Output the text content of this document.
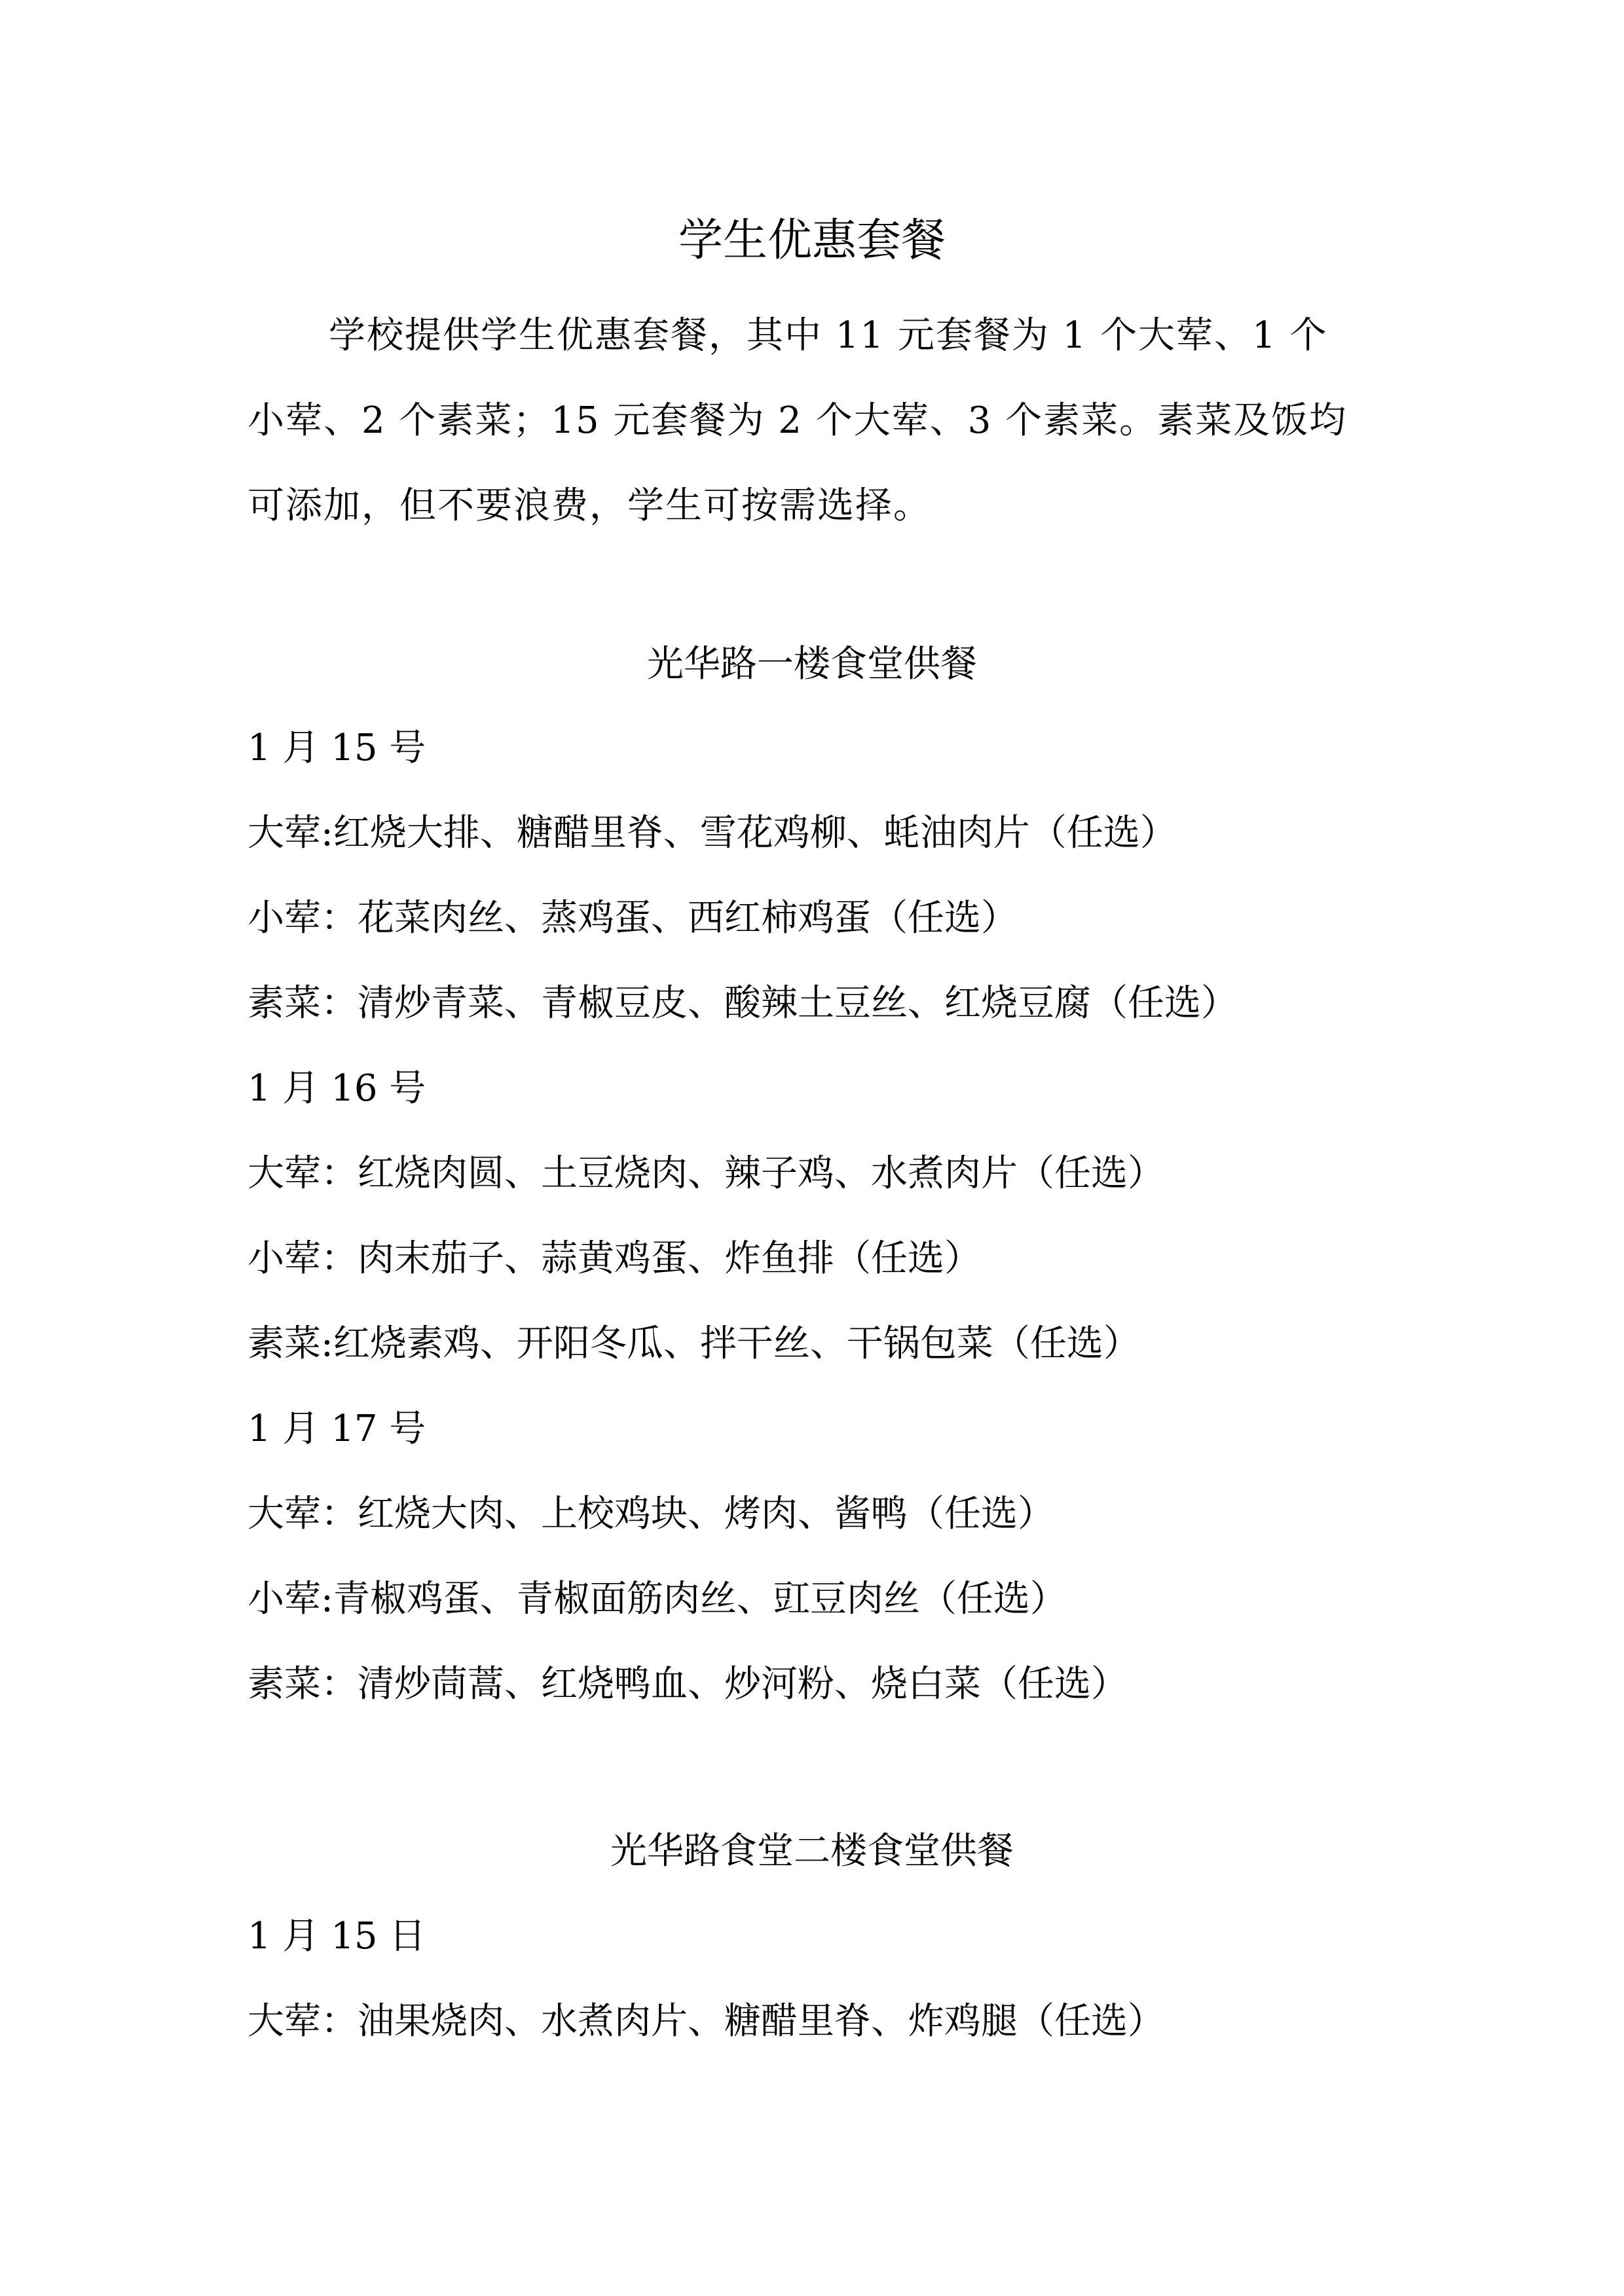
学生优惠套餐
学校提供学生优惠套餐，其中 11 元套餐为 1 个大荤、1 个
小荤、2 个素菜；15 元套餐为 2 个大荤、3 个素菜。素菜及饭均
可添加，但不要浪费，学生可按需选择。
光华路一楼食堂供餐
1 月 15 号
大荤:红烧大排、糖醋里脊、雪花鸡柳、蚝油肉片（任选）
小荤：花菜肉丝、蒸鸡蛋、西红柿鸡蛋（任选）
素菜：清炒青菜、青椒豆皮、酸辣土豆丝、红烧豆腐（任选）
1 月 16 号
大荤：红烧肉圆、土豆烧肉、辣子鸡、水煮肉片（任选）
小荤：肉末茄子、蒜黄鸡蛋、炸鱼排（任选）
素菜:红烧素鸡、开阳冬瓜、拌干丝、干锅包菜（任选）
1 月 17 号
大荤：红烧大肉、上校鸡块、烤肉、酱鸭（任选）
小荤:青椒鸡蛋、青椒面筋肉丝、豇豆肉丝（任选）
素菜：清炒茼蒿、红烧鸭血、炒河粉、烧白菜（任选）
光华路食堂二楼食堂供餐
1 月 15 日
大荤：油果烧肉、水煮肉片、糖醋里脊、炸鸡腿（任选）
